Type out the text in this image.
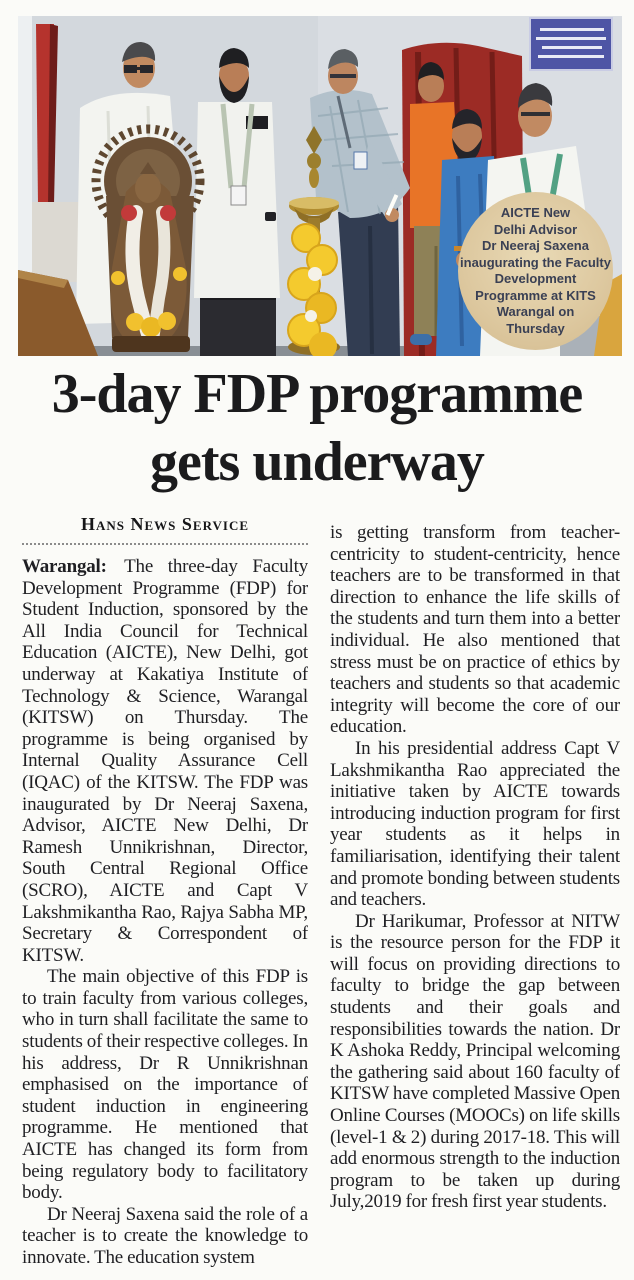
AICTE New
Delhi Advisor
Dr Neeraj Saxena
inaugurating the Faculty
Development
Programme at KITS
Warangal on
Thursday
3-day FDP programme
gets underway
Hans News Service

Warangal: The three-day Faculty Development Programme (FDP) for Student Induction, sponsored by the All India Council for Technical Education (AICTE), New Delhi, got underway at Kakatiya Institute of Technology & Science, Warangal (KITSW) on Thursday. The programme is being organised by Internal Quality Assurance Cell (IQAC) of the KITSW. The FDP was inaugurated by Dr Neeraj Saxena, Advisor, AICTE New Delhi, Dr Ramesh Unnikrishnan, Director, South Central Regional Office (SCRO), AICTE and Capt V Lakshmikantha Rao, Rajya Sabha MP, Secretary & Correspondent of KITSW.

The main objective of this FDP is to train faculty from various colleges, who in turn shall facilitate the same to students of their respective colleges. In his address, Dr R Unnikrishnan emphasised on the importance of student induction in engineering programme. He mentioned that AICTE has changed its form from being regulatory body to facilitatory body.

Dr Neeraj Saxena said the role of a teacher is to create the knowledge to innovate. The education system

is getting transform from teacher-centricity to student-centricity, hence teachers are to be transformed in that direction to enhance the life skills of the students and turn them into a better individual. He also mentioned that stress must be on practice of ethics by teachers and students so that academic integrity will become the core of our education.

In his presidential address Capt V Lakshmikantha Rao appreciated the initiative taken by AICTE towards introducing induction program for first year students as it helps in familiarisation, identifying their talent and promote bonding between students and teachers.

Dr Harikumar, Professor at NITW is the resource person for the FDP it will focus on providing directions to faculty to bridge the gap between students and their goals and responsibilities towards the nation. Dr K Ashoka Reddy, Principal welcoming the gathering said about 160 faculty of KITSW have completed Massive Open Online Courses (MOOCs) on life skills (level-1 & 2) during 2017-18. This will add enormous strength to the induction program to be taken up during July,2019 for fresh first year students.
